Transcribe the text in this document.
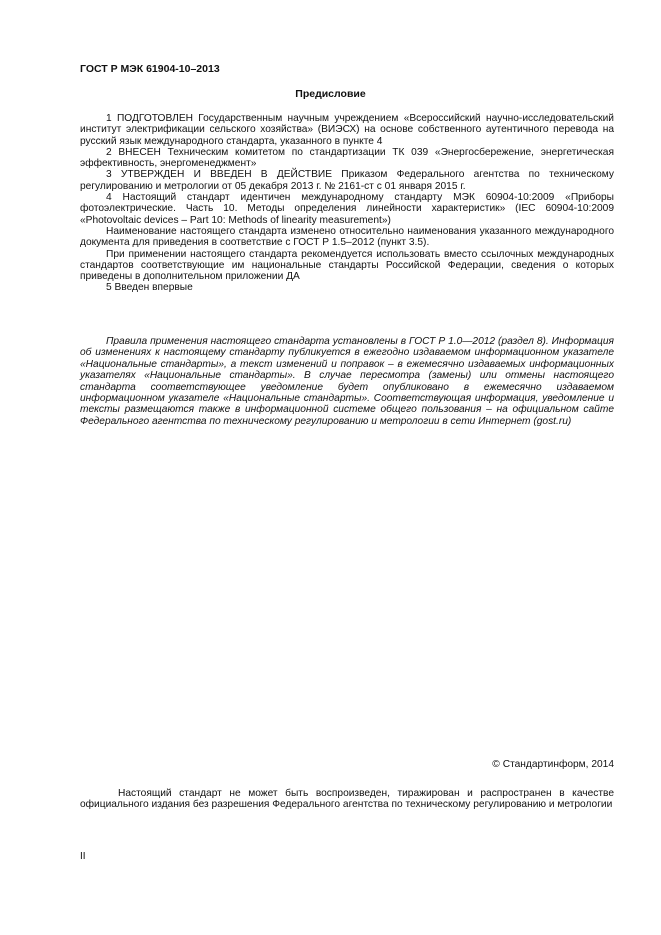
ГОСТ Р МЭК 61904-10–2013
Предисловие

1 ПОДГОТОВЛЕН Государственным научным учреждением «Всероссийский научно-исследовательский институт электрификации сельского хозяйства» (ВИЭСХ) на основе собственного аутентичного перевода на русский язык международного стандарта, указанного в пункте 4

2 ВНЕСЕН Техническим комитетом по стандартизации ТК 039 «Энергосбережение, энергетическая эффективность, энергоменеджмент»

3 УТВЕРЖДЕН И ВВЕДЕН В ДЕЙСТВИЕ Приказом Федерального агентства по техническому регулированию и метрологии от 05 декабря 2013 г. № 2161-ст с 01 января 2015 г.

4 Настоящий стандарт идентичен международному стандарту МЭК 60904-10:2009 «Приборы фотоэлектрические. Часть 10. Методы определения линейности характеристик» (IEC 60904-10:2009 «Photovoltaic devices – Part 10: Methods of linearity measurement»)

Наименование настоящего стандарта изменено относительно наименования указанного международного документа для приведения в соответствие с ГОСТ Р 1.5–2012 (пункт 3.5).

При применении настоящего стандарта рекомендуется использовать вместо ссылочных международных стандартов соответствующие им национальные стандарты Российской Федерации, сведения о которых приведены в дополнительном приложении ДА

5 Введен впервые

Правила применения настоящего стандарта установлены в ГОСТ Р 1.0—2012 (раздел 8). Информация об изменениях к настоящему стандарту публикуется в ежегодно издаваемом информационном указателе «Национальные стандарты», а текст изменений и поправок – в ежемесячно издаваемых информационных указателях «Национальные стандарты». В случае пересмотра (замены) или отмены настоящего стандарта соответствующее уведомление будет опубликовано в ежемесячно издаваемом информационном указателе «Национальные стандарты». Соответствующая информация, уведомление и тексты размещаются также в информационной системе общего пользования – на официальном сайте Федерального агентства по техническому регулированию и метрологии в сети Интернет (gost.ru)

© Стандартинформ, 2014

Настоящий стандарт не может быть воспроизведен, тиражирован и распространен в качестве официального издания без разрешения Федерального агентства по техническому регулированию и метрологии

II
